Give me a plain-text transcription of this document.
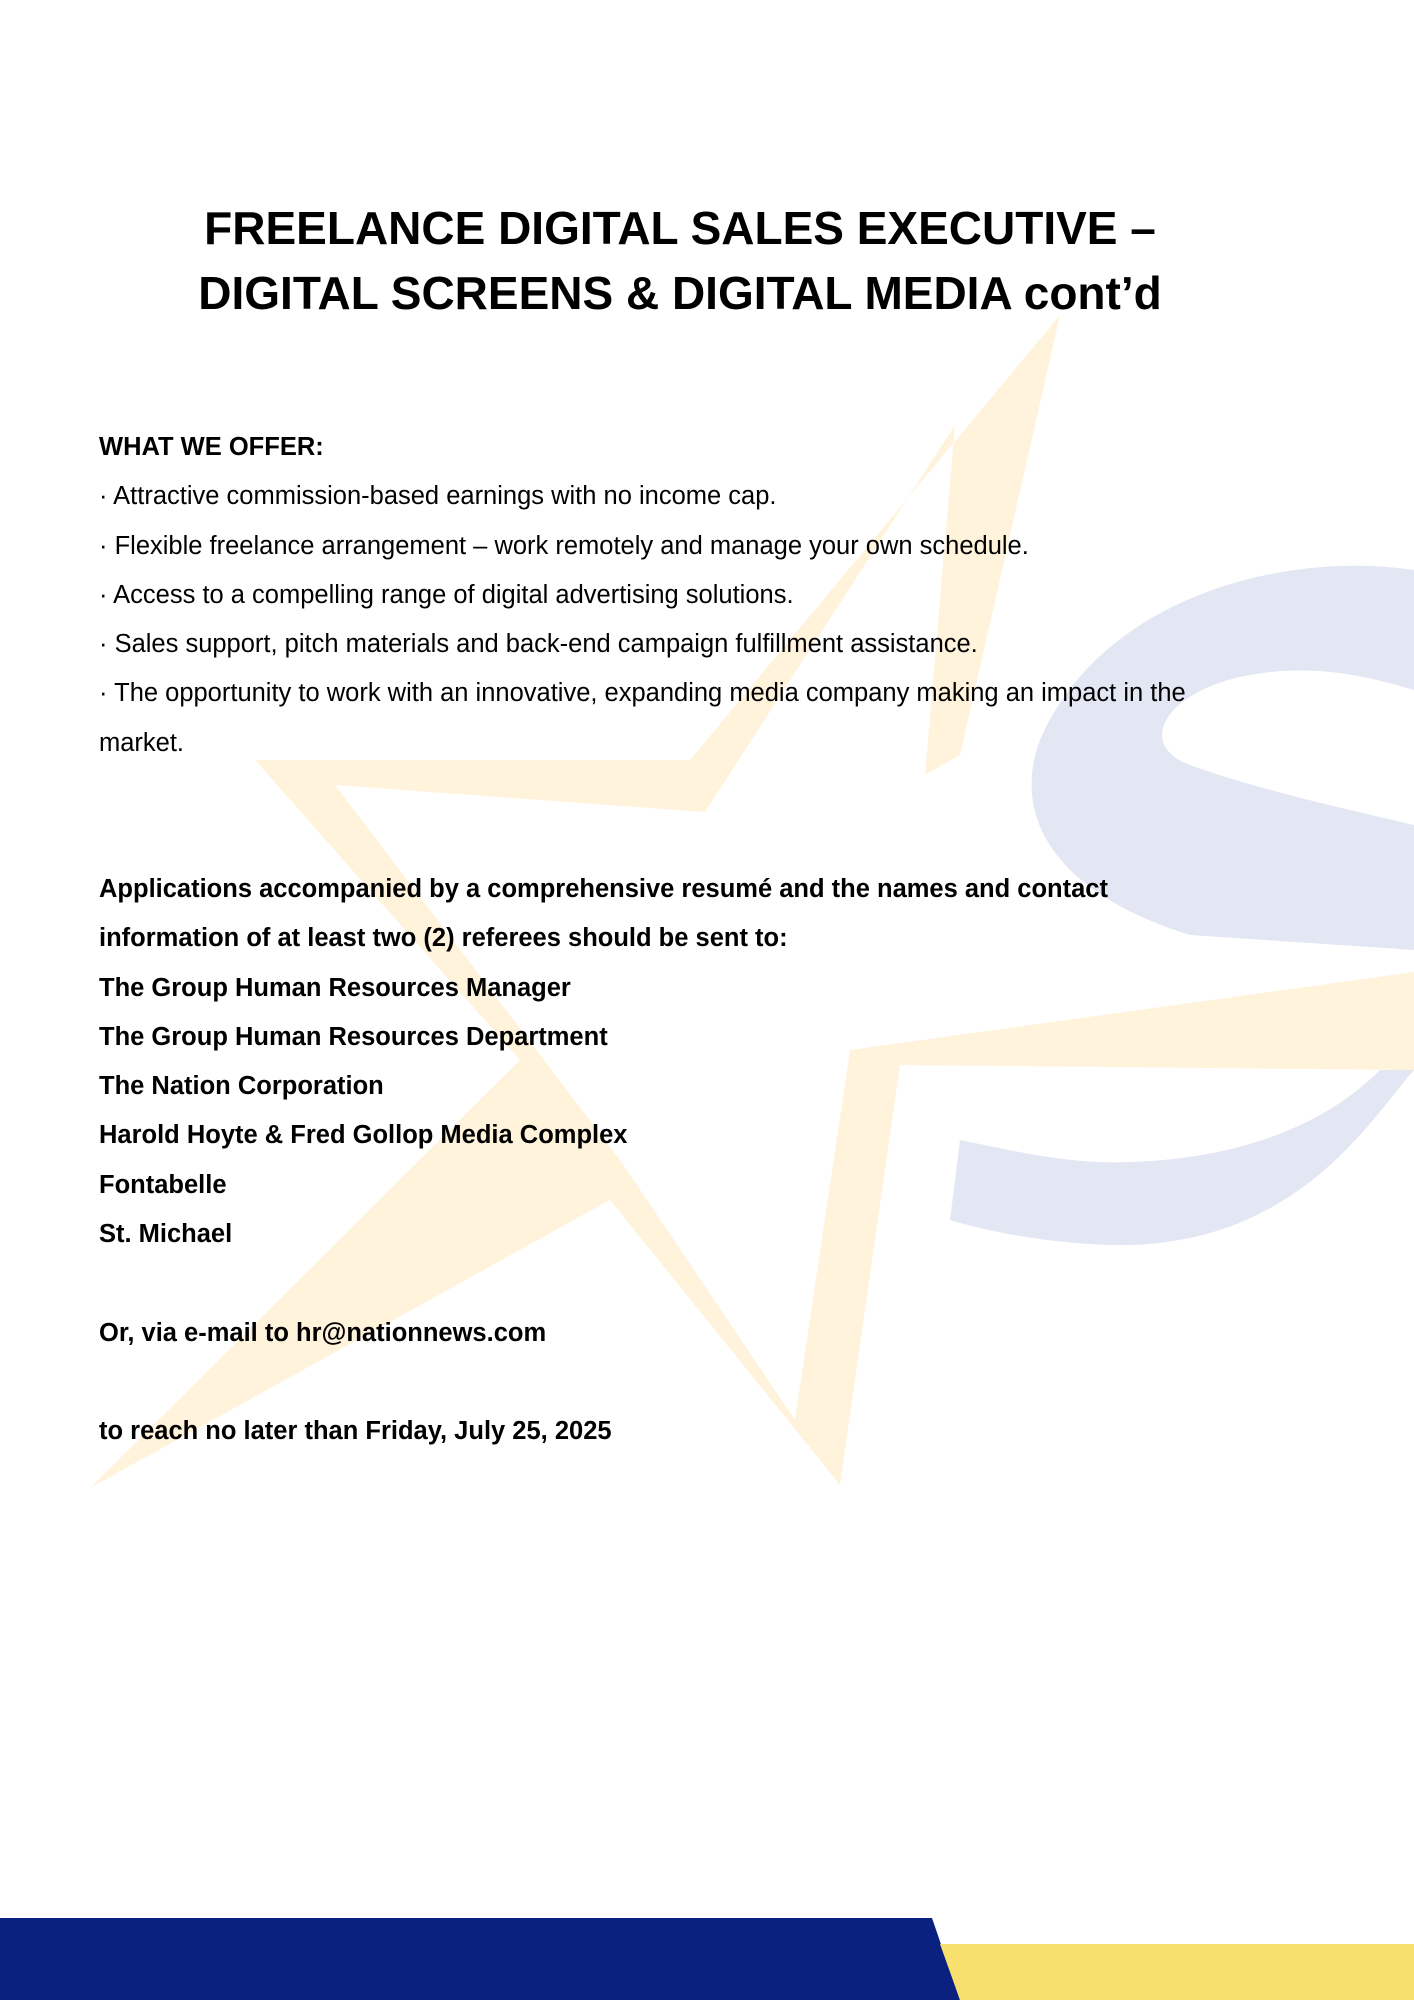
FREELANCE DIGITAL SALES EXECUTIVE –
DIGITAL SCREENS & DIGITAL MEDIA cont’d
WHAT WE OFFER:
· Attractive commission-based earnings with no income cap.
· Flexible freelance arrangement – work remotely and manage your own schedule.
· Access to a compelling range of digital advertising solutions.
· Sales support, pitch materials and back-end campaign fulfillment assistance.
· The opportunity to work with an innovative, expanding media company making an impact in the market.
Applications accompanied by a comprehensive resumé and the names and contact information of at least two (2) referees should be sent to:
The Group Human Resources Manager
The Group Human Resources Department
The Nation Corporation
Harold Hoyte & Fred Gollop Media Complex
Fontabelle
St. Michael
Or, via e-mail to hr@nationnews.com
to reach no later than Friday, July 25, 2025
